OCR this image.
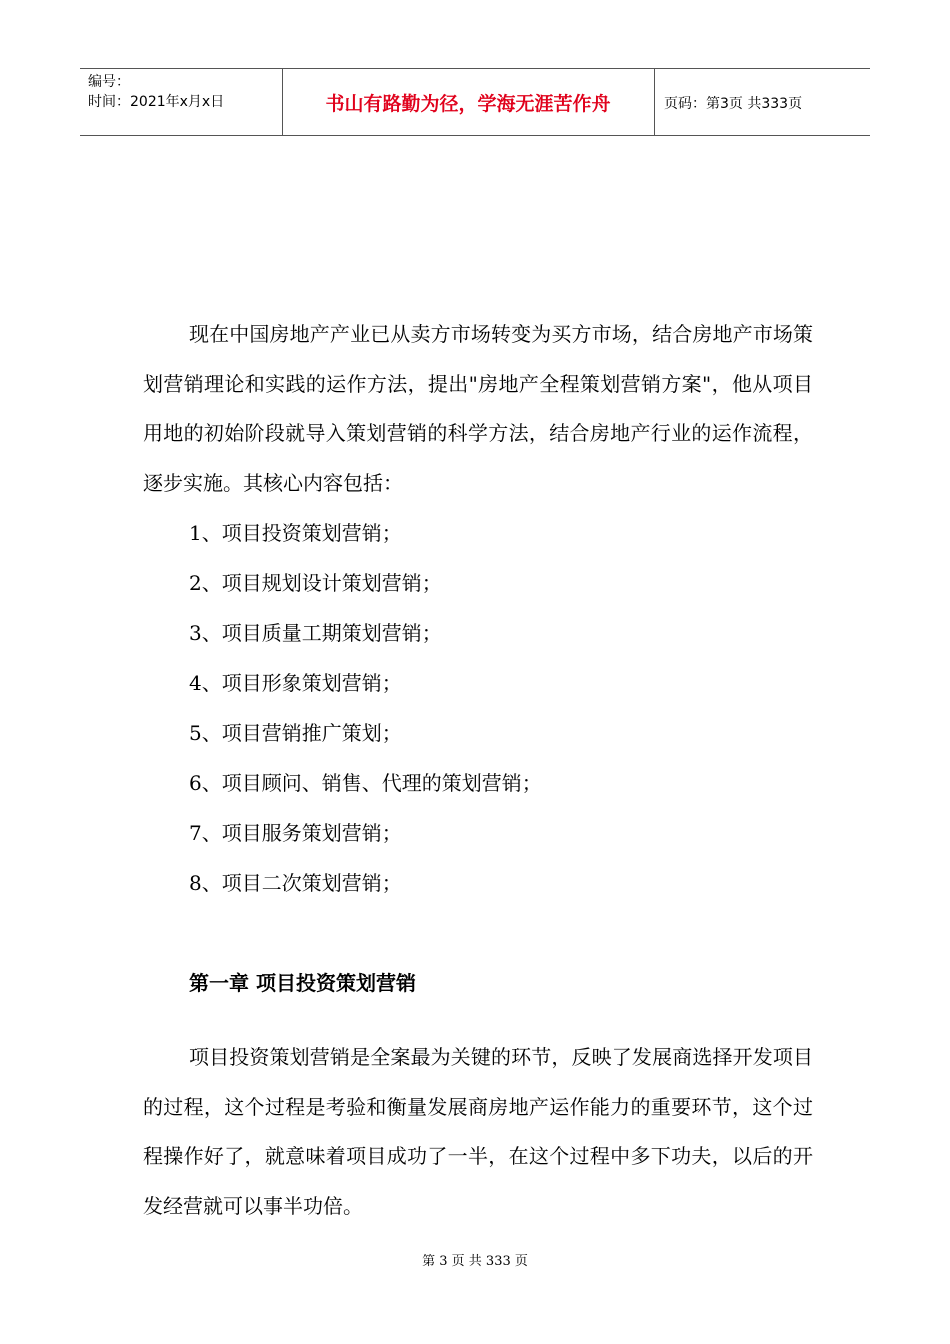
编号：
时间：2021年x月x日	书山有路勤为径，学海无涯苦作舟	页码：第3页 共333页

现在中国房地产产业已从卖方市场转变为买方市场，结合房地产市场策划营销理论和实践的运作方法，提出"房地产全程策划营销方案"，他从项目用地的初始阶段就导入策划营销的科学方法，结合房地产行业的运作流程，逐步实施。其核心内容包括：

1、项目投资策划营销；
2、项目规划设计策划营销；
3、项目质量工期策划营销；
4、项目形象策划营销；
5、项目营销推广策划；
6、项目顾问、销售、代理的策划营销；
7、项目服务策划营销；
8、项目二次策划营销；
第一章 项目投资策划营销

项目投资策划营销是全案最为关键的环节，反映了发展商选择开发项目的过程，这个过程是考验和衡量发展商房地产运作能力的重要环节，这个过程操作好了，就意味着项目成功了一半，在这个过程中多下功夫，以后的开发经营就可以事半功倍。

第 3 页 共 333 页
